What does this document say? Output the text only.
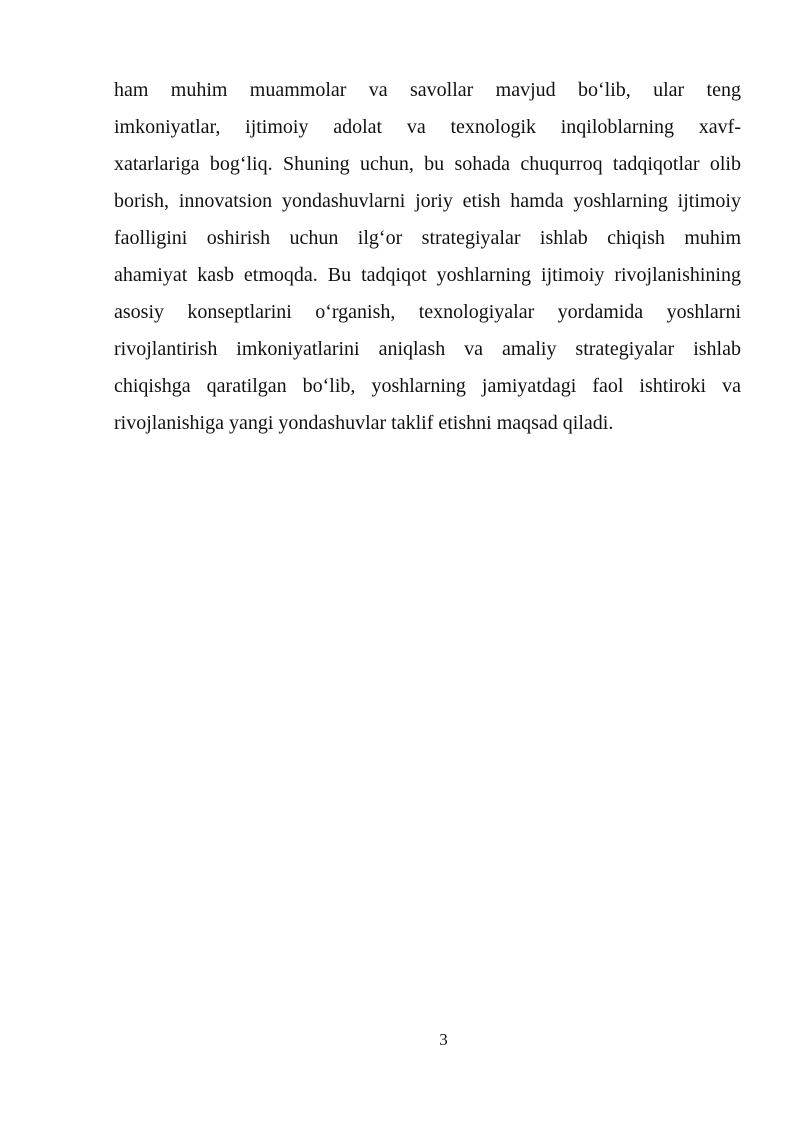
ham muhim muammolar va savollar mavjud bo‘lib, ular teng
imkoniyatlar, ijtimoiy adolat va texnologik inqiloblarning xavf-
xatarlariga bog‘liq. Shuning uchun, bu sohada chuqurroq tadqiqotlar olib
borish, innovatsion yondashuvlarni joriy etish hamda yoshlarning ijtimoiy
faolligini oshirish uchun ilg‘or strategiyalar ishlab chiqish muhim
ahamiyat kasb etmoqda. Bu tadqiqot yoshlarning ijtimoiy rivojlanishining
asosiy konseptlarini o‘rganish, texnologiyalar yordamida yoshlarni
rivojlantirish imkoniyatlarini aniqlash va amaliy strategiyalar ishlab
chiqishga qaratilgan bo‘lib, yoshlarning jamiyatdagi faol ishtiroki va
rivojlanishiga yangi yondashuvlar taklif etishni maqsad qiladi.

3
